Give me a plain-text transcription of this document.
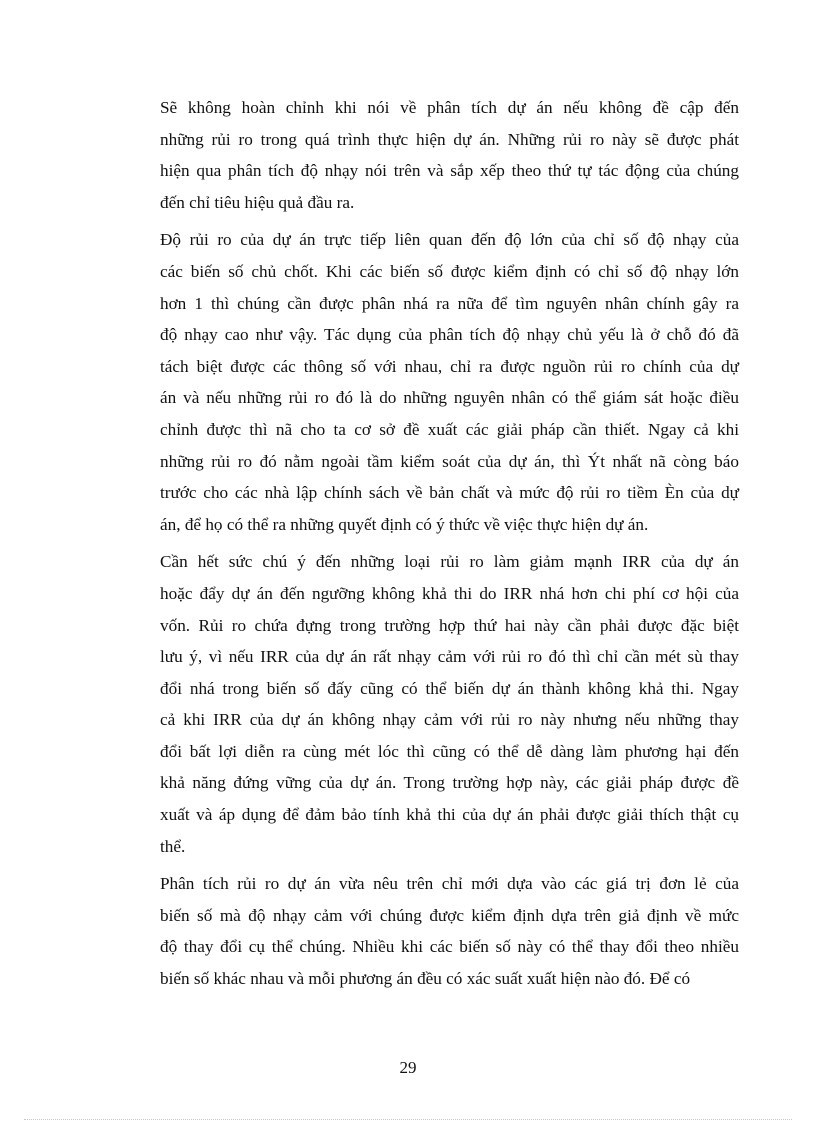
Sẽ không hoàn chỉnh khi nói về phân tích dự án nếu không đề cập đến
những rủi ro trong quá trình thực hiện dự án. Những rủi ro này sẽ được phát
hiện qua phân tích độ nhạy nói trên và sắp xếp theo thứ tự tác động của chúng
đến chỉ tiêu hiệu quả đầu ra.

Độ rủi ro của dự án trực tiếp liên quan đến độ lớn của chỉ số độ nhạy của
các biến số chủ chốt. Khi các biến số được kiểm định có chỉ số độ nhạy lớn
hơn 1 thì chúng cần được phân nhá ra nữa để tìm nguyên nhân chính gây ra
độ nhạy cao như vậy. Tác dụng của phân tích độ nhạy chủ yếu là ở chỗ đó đã
tách biệt được các thông số với nhau, chỉ ra được nguồn rủi ro chính của dự
án và nếu những rủi ro đó là do những nguyên nhân có thể giám sát hoặc điều
chỉnh được thì nã cho ta cơ sở đề xuất các giải pháp cần thiết. Ngay cả khi
những rủi ro đó nằm ngoài tầm kiểm soát của dự án, thì Ýt nhất nã còng báo
trước cho các nhà lập chính sách về bản chất và mức độ rủi ro tiềm Èn của dự
án, để họ có thể ra những quyết định có ý thức về việc thực hiện dự án.

Cần hết sức chú ý đến những loại rủi ro làm giảm mạnh IRR của dự án
hoặc đẩy dự án đến ngưỡng không khả thi do IRR nhá hơn chi phí cơ hội của
vốn. Rủi ro chứa đựng trong trường hợp thứ hai này cần phải được đặc biệt
lưu ý, vì nếu IRR của dự án rất nhạy cảm với rủi ro đó thì chỉ cần mét sù thay
đổi nhá trong biến số đấy cũng có thể biến dự án thành không khả thi. Ngay
cả khi IRR của dự án không nhạy cảm với rủi ro này nhưng nếu những thay
đổi bất lợi diễn ra cùng mét lóc thì cũng có thể dễ dàng làm phương hại đến
khả năng đứng vững của dự án. Trong trường hợp này, các giải pháp được đề
xuất và áp dụng để đảm bảo tính khả thi của dự án phải được giải thích thật cụ
thể.

Phân tích rủi ro dự án vừa nêu trên chỉ mới dựa vào các giá trị đơn lẻ của
biến số mà độ nhạy cảm với chúng được kiểm định dựa trên giả định về mức
độ thay đổi cụ thể chúng. Nhiều khi các biến số này có thể thay đổi theo nhiều
biến số khác nhau và mỗi phương án đều có xác suất xuất hiện nào đó. Để có

29
